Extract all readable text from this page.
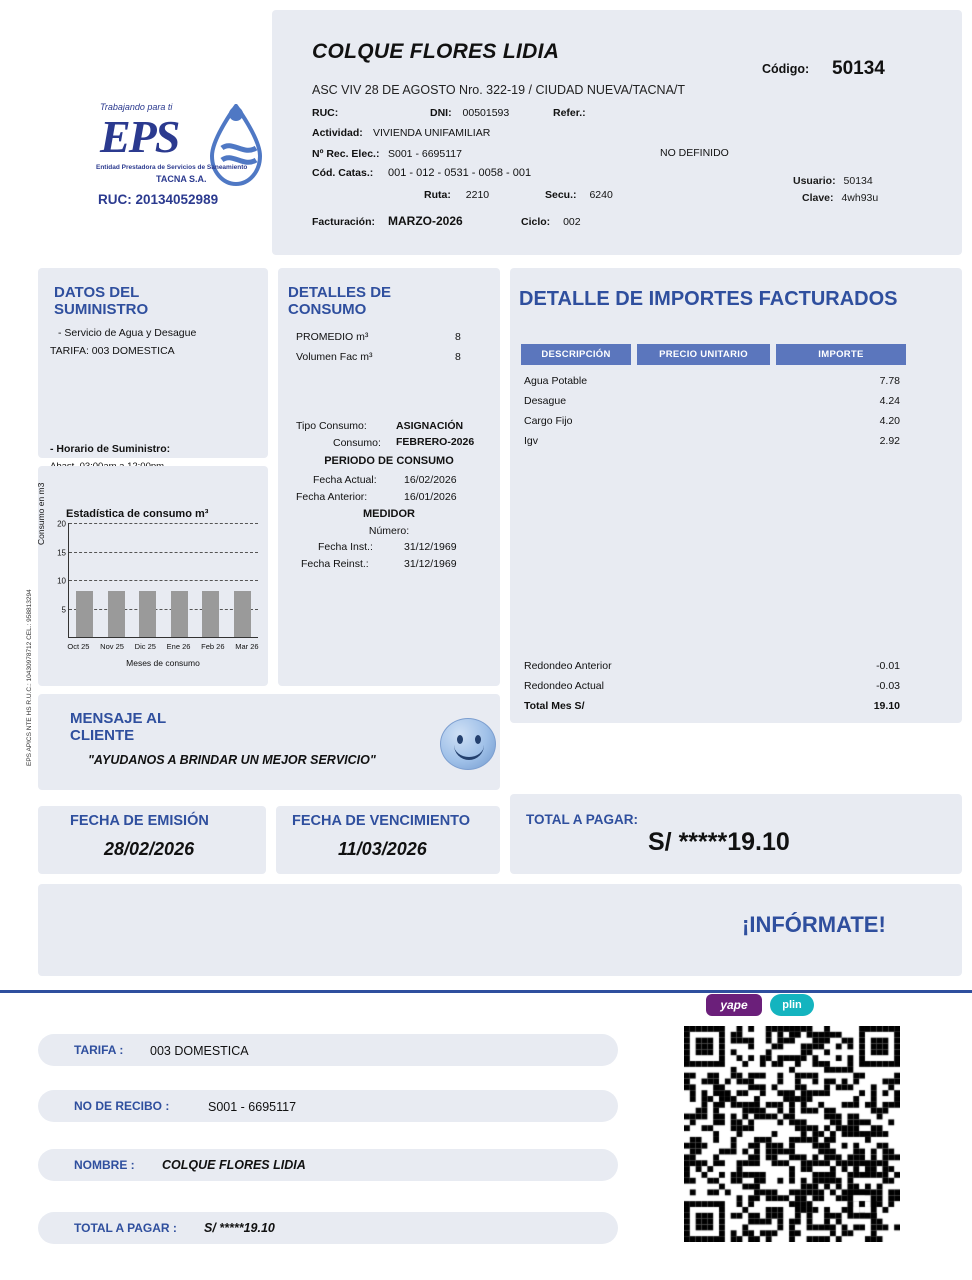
COLQUE FLORES LIDIA
Código: 50134
ASC VIV 28 DE AGOSTO Nro. 322-19 / CIUDAD NUEVA/TACNA/T
RUC:	DNI: 00501593	Refer.:
Actividad: VIVIENDA UNIFAMILIAR
Nº Rec. Elec.: S001 - 6695117	NO DEFINIDO
Cód. Catas.: 001 - 012 - 0531 - 0058 - 001
Ruta: 2210	Secu.: 6240
Facturación: MARZO-2026	Ciclo: 002
Usuario: 50134
Clave: 4wh93u
Trabajando para ti
EPS
Entidad Prestadora de Servicios de Saneamiento
TACNA S.A.
RUC: 20134052989
DATOS DEL SUMINISTRO
- Servicio de Agua y Desague
TARIFA: 003 DOMESTICA
- Horario de Suministro:
Estadística de consumo m³
Consumo en m3 20
15
10
5
Oct 25 Nov 25 Dic 25 Ene 26 Feb 26 Mar 26
Meses de consumo
DETALLES DE CONSUMO
PROMEDIO m³	8
Volumen Fac m³	8
Tipo Consumo:	ASIGNACIÓN
Consumo: FEBRERO-2026
PERIODO DE CONSUMO
Fecha Actual:	16/02/2026
Fecha Anterior:	16/01/2026
MEDIDOR
Número:
Fecha Inst.:	31/12/1969
Fecha Reinst.:	31/12/1969
DETALLE DE IMPORTES FACTURADOS
DESCRIPCIÓN	PRECIO UNITARIO	IMPORTE
Agua Potable	7.78
Desague	4.24
Cargo Fijo	4.20
Igv	2.92
Redondeo Anterior	-0.01
Redondeo Actual	-0.03
Total Mes S/	19.10
MENSAJE AL CLIENTE
"AYUDANOS A BRINDAR UN MEJOR SERVICIO"
FECHA DE EMISIÓN
28/02/2026
FECHA DE VENCIMIENTO
11/03/2026
TOTAL A PAGAR:
S/ *****19.10
¡INFÓRMATE!
EPS APICS NTE HS R.U.C.: 10430978712 CEL.: 958813294
TARIFA : 003 DOMESTICA
NO DE RECIBO :	S001 - 6695117
NOMBRE : COLQUE FLORES LIDIA
TOTAL A PAGAR : S/ *****19.10
yape	plin
